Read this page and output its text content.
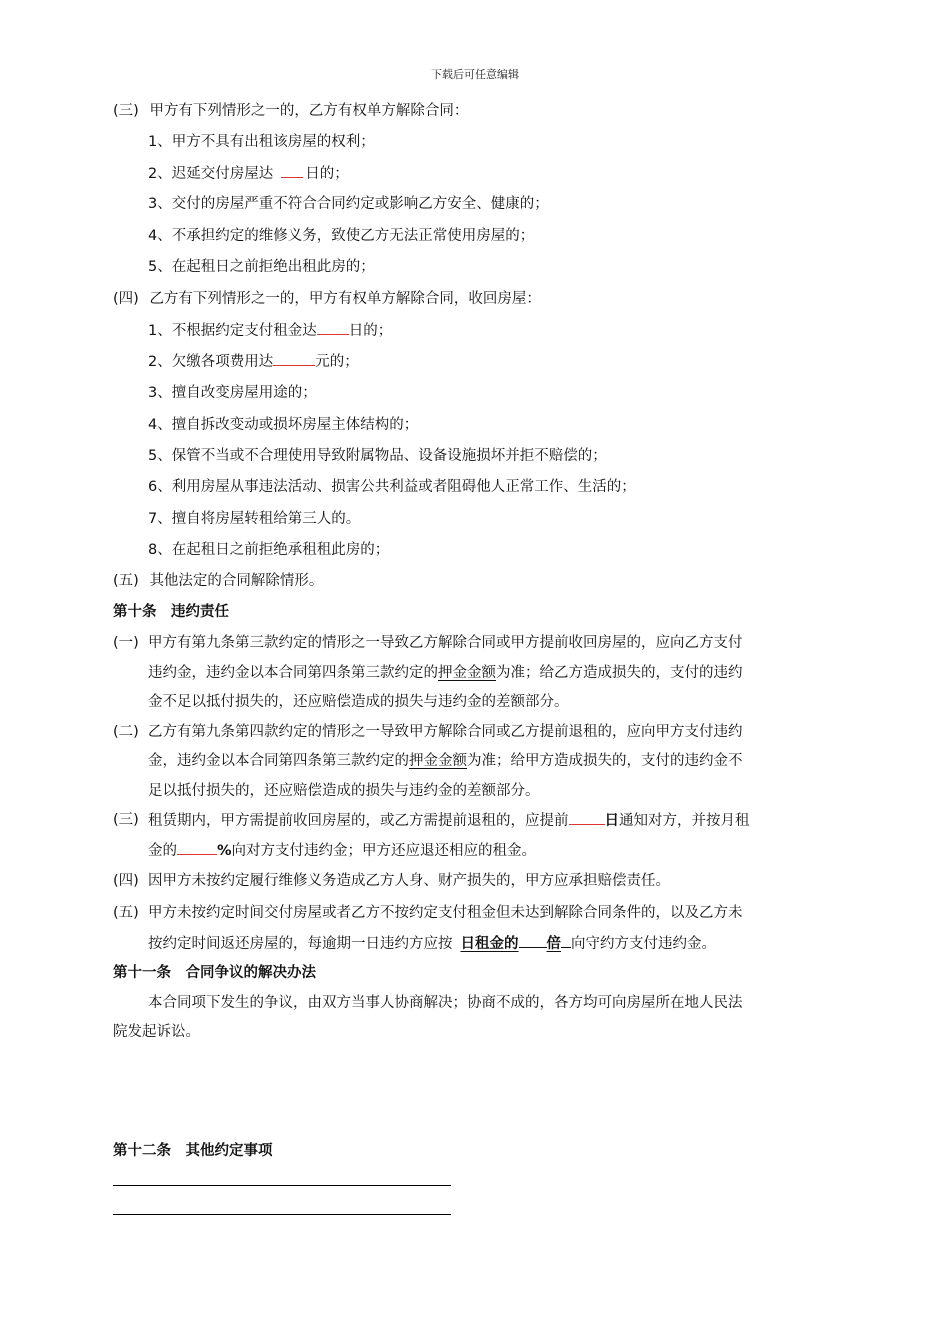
下载后可任意编辑
(三) 甲方有下列情形之一的，乙方有权单方解除合同：
1、甲方不具有出租该房屋的权利；
2、迟延交付房屋达 日的；
3、交付的房屋严重不符合合同约定或影响乙方安全、健康的；
4、不承担约定的维修义务，致使乙方无法正常使用房屋的；
5、在起租日之前拒绝出租此房的；
(四) 乙方有下列情形之一的，甲方有权单方解除合同，收回房屋：
1、不根据约定支付租金达 日的；
2、欠缴各项费用达	元的；
3、擅自改变房屋用途的；
4、擅自拆改变动或损坏房屋主体结构的；
5、保管不当或不合理使用导致附属物品、设备设施损坏并拒不赔偿的；
6、利用房屋从事违法活动、损害公共利益或者阻碍他人正常工作、生活的；
7、擅自将房屋转租给第三人的。
8、在起租日之前拒绝承租租此房的；
(五) 其他法定的合同解除情形。
第十条　违约责任
(一) 甲方有第九条第三款约定的情形之一导致乙方解除合同或甲方提前收回房屋的，应向乙方支付
违约金，违约金以本合同第四条第三款约定的押金金额为准；给乙方造成损失的，支付的违约
金不足以抵付损失的，还应赔偿造成的损失与违约金的差额部分。
(二) 乙方有第九条第四款约定的情形之一导致甲方解除合同或乙方提前退租的，应向甲方支付违约
金，违约金以本合同第四条第三款约定的押金金额为准；给甲方造成损失的，支付的违约金不
足以抵付损失的，还应赔偿造成的损失与违约金的差额部分。
(三) 租赁期内，甲方需提前收回房屋的，或乙方需提前退租的，应提前 日通知对方，并按月租
金的	%向对方支付违约金；甲方还应退还相应的租金。
(四) 因甲方未按约定履行维修义务造成乙方人身、财产损失的，甲方应承担赔偿责任。
(五) 甲方未按约定时间交付房屋或者乙方不按约定支付租金但未达到解除合同条件的，以及乙方未
按约定时间返还房屋的，每逾期一日违约方应按 日租金的 倍 向守约方支付违约金。
第十一条　合同争议的解决办法
本合同项下发生的争议，由双方当事人协商解决；协商不成的，各方均可向房屋所在地人民法
院发起诉讼。
第十二条　其他约定事项
